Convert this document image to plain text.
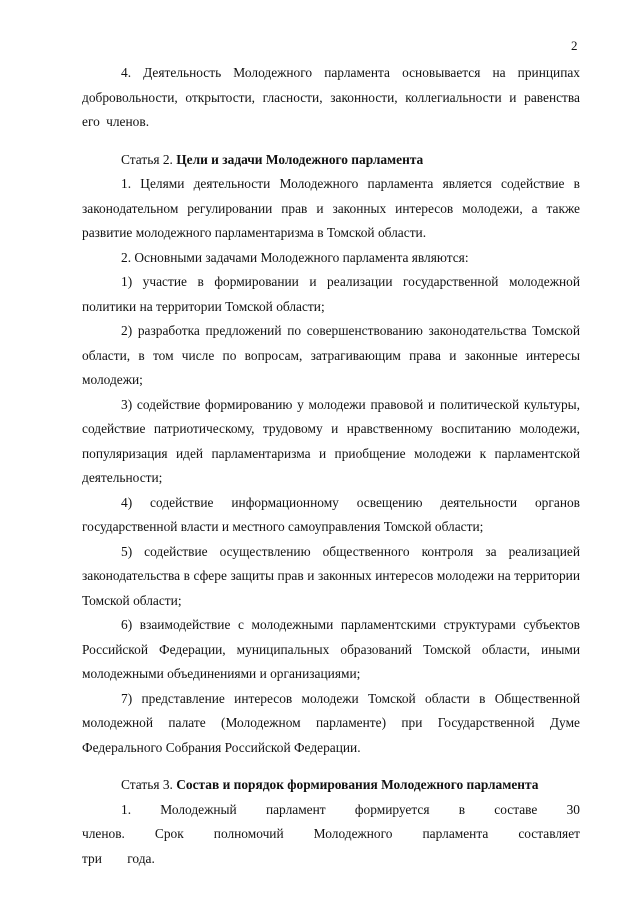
2

4. Деятельность Молодежного парламента основывается на принципах добровольности, открытости, гласности, законности, коллегиальности и равенства его членов.

Статья 2. Цели и задачи Молодежного парламента

1. Целями деятельности Молодежного парламента является содействие в законодательном регулировании прав и законных интересов молодежи, а также развитие молодежного парламентаризма в Томской области.

2. Основными задачами Молодежного парламента являются:

1) участие в формировании и реализации государственной молодежной политики на территории Томской области;

2) разработка предложений по совершенствованию законодательства Томской области, в том числе по вопросам, затрагивающим права и законные интересы молодежи;

3) содействие формированию у молодежи правовой и политической культуры, содействие патриотическому, трудовому и нравственному воспитанию молодежи, популяризация идей парламентаризма и приобщение молодежи к парламентской деятельности;

4) содействие информационному освещению деятельности органов государственной власти и местного самоуправления Томской области;

5) содействие осуществлению общественного контроля за реализацией законодательства в сфере защиты прав и законных интересов молодежи на территории Томской области;

6) взаимодействие с молодежными парламентскими структурами субъектов Российской Федерации, муниципальных образований Томской области, иными молодежными объединениями и организациями;

7) представление интересов молодежи Томской области в Общественной молодежной палате (Молодежном парламенте) при Государственной Думе Федерального Собрания Российской Федерации.

Статья 3. Состав и порядок формирования Молодежного парламента

1. Молодежный парламент формируется в составе 30 членов. Срок полномочий Молодежного парламента составляет три года.
